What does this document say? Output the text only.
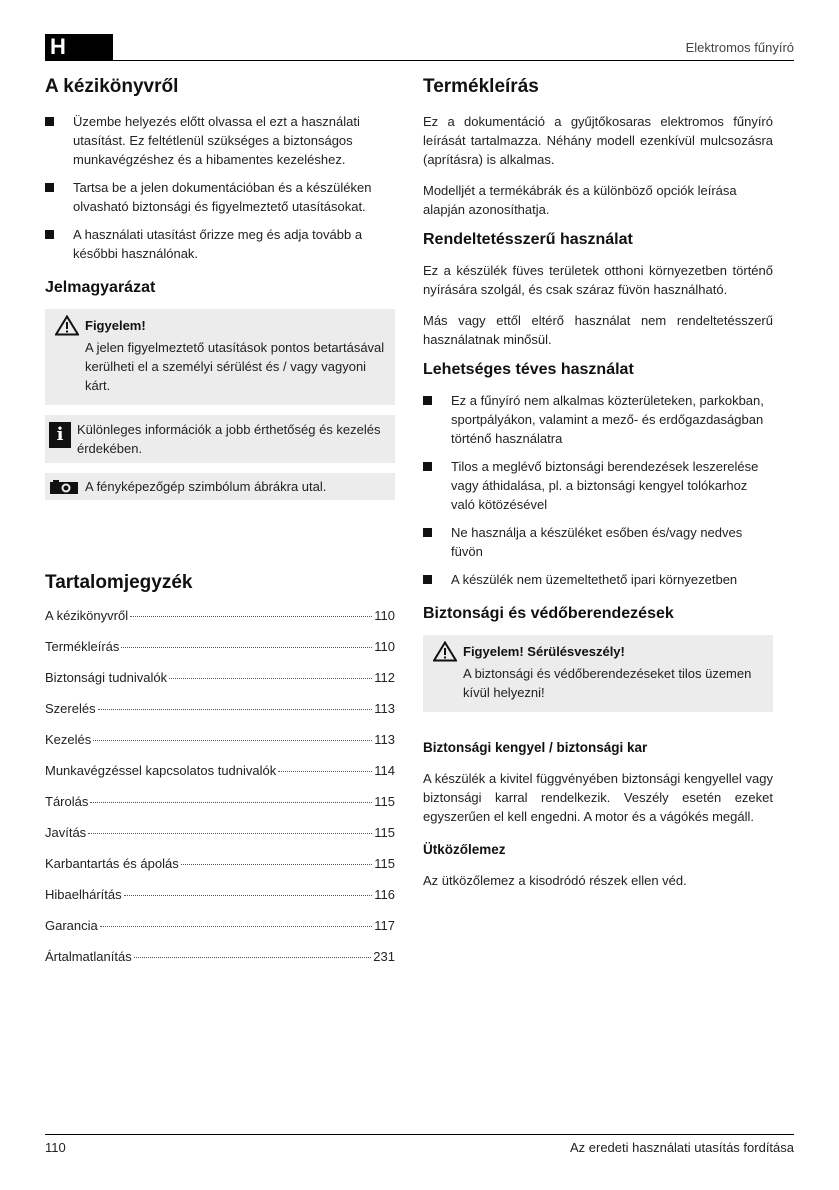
H	Elektromos fűnyíró
A kézikönyvről
Üzembe helyezés előtt olvassa el ezt a használati utasítást. Ez feltétlenül szükséges a biztonságos munkavégzéshez és a hibamentes kezeléshez.
Tartsa be a jelen dokumentációban és a készüléken olvasható biztonsági és figyelmeztető utasításokat.
A használati utasítást őrizze meg és adja tovább a későbbi használónak.
Jelmagyarázat
Figyelem!
A jelen figyelmeztető utasítások pontos betartásával kerülheti el a személyi sérülést és / vagy vagyoni kárt.
i	Különleges információk a jobb érthetőség és kezelés érdekében.
A fényképezőgép szimbólum ábrákra utal.
Tartalomjegyzék
A kézikönyvről	110
Termékleírás	110
Biztonsági tudnivalók	112
Szerelés	113
Kezelés	113
Munkavégzéssel kapcsolatos tudnivalók	114
Tárolás	115
Javítás	115
Karbantartás és ápolás	115
Hibaelhárítás	116
Garancia	117
Ártalmatlanítás	231
Termékleírás

Ez a dokumentáció a gyűjtőkosaras elektromos fűnyíró leírását tartalmazza. Néhány modell ezenkívül mulcsozásra (aprításra) is alkalmas.

Modelljét a termékábrák és a különböző opciók leírása alapján azonosíthatja.

Rendeltetésszerű használat

Ez a készülék füves területek otthoni környezetben történő nyírására szolgál, és csak száraz füvön használható.

Más vagy ettől eltérő használat nem rendeltetésszerű használatnak minősül.

Lehetséges téves használat
Ez a fűnyíró nem alkalmas közterületeken, parkokban, sportpályákon, valamint a mező- és erdőgazdaságban történő használatra
Tilos a meglévő biztonsági berendezések leszerelése vagy áthidalása, pl. a biztonsági kengyel tolókarhoz való kötözésével
Ne használja a készüléket esőben és/vagy nedves füvön
A készülék nem üzemeltethető ipari környezetben
Biztonsági és védőberendezések
Figyelem! Sérülésveszély!
A biztonsági és védőberendezéseket tilos üzemen kívül helyezni!
Biztonsági kengyel / biztonsági kar

A készülék a kivitel függvényében biztonsági kengyellel vagy biztonsági karral rendelkezik. Veszély esetén ezeket egyszerűen el kell engedni. A motor és a vágókés megáll.

Ütközőlemez

Az ütközőlemez a kisodródó részek ellen véd.

110	Az eredeti használati utasítás fordítása
